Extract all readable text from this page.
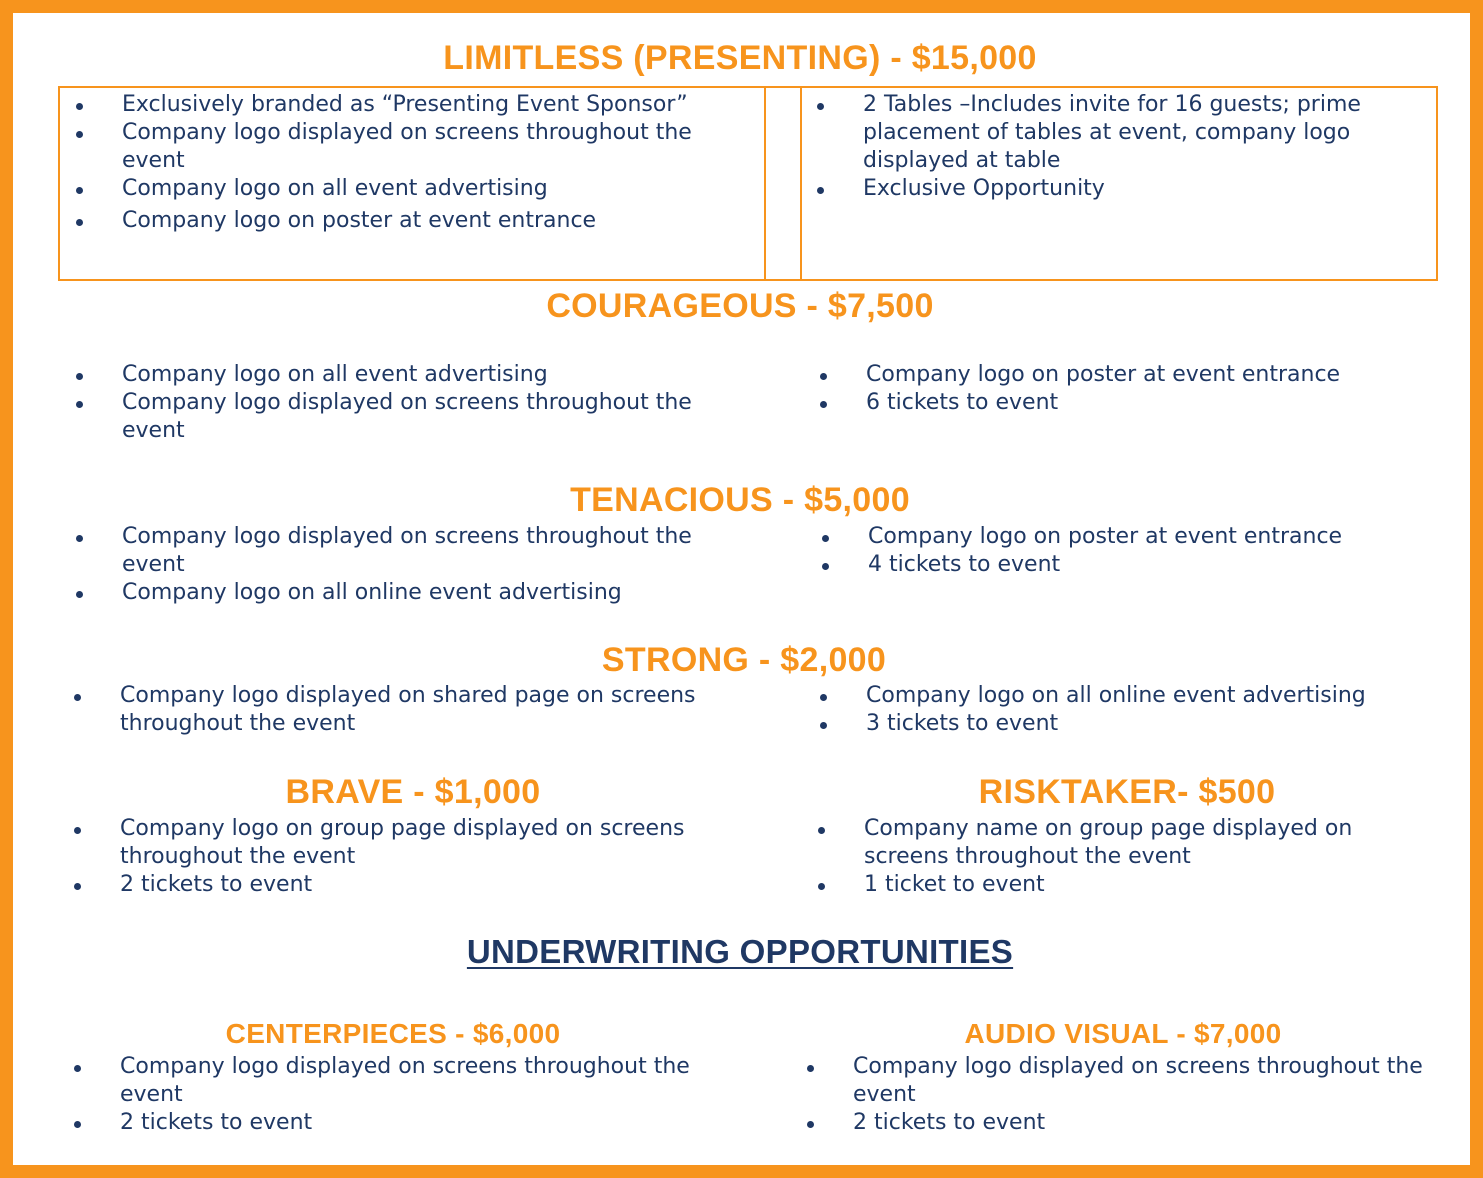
LIMITLESS (PRESENTING) - $15,000
Exclusively branded as “Presenting Event Sponsor”
Company logo displayed on screens throughout the event
Company logo on all event advertising
Company logo on poster at event entrance
2 Tables –Includes invite for 16 guests; prime placement of tables at event, company logo displayed at table
Exclusive Opportunity
COURAGEOUS - $7,500
Company logo on all event advertising
Company logo displayed on screens throughout the event
Company logo on poster at event entrance
6 tickets to event
TENACIOUS - $5,000
Company logo displayed on screens throughout the event
Company logo on all online event advertising
Company logo on poster at event entrance
4 tickets to event
STRONG - $2,000
Company logo displayed on shared page on screens throughout the event
Company logo on all online event advertising
3 tickets to event
BRAVE - $1,000
Company logo on group page displayed on screens throughout the event
2 tickets to event
RISKTAKER- $500
Company name on group page displayed on screens throughout the event
1 ticket to event
UNDERWRITING OPPORTUNITIES
CENTERPIECES - $6,000
Company logo displayed on screens throughout the event
2 tickets to event
AUDIO VISUAL - $7,000
Company logo displayed on screens throughout the event
2 tickets to event
